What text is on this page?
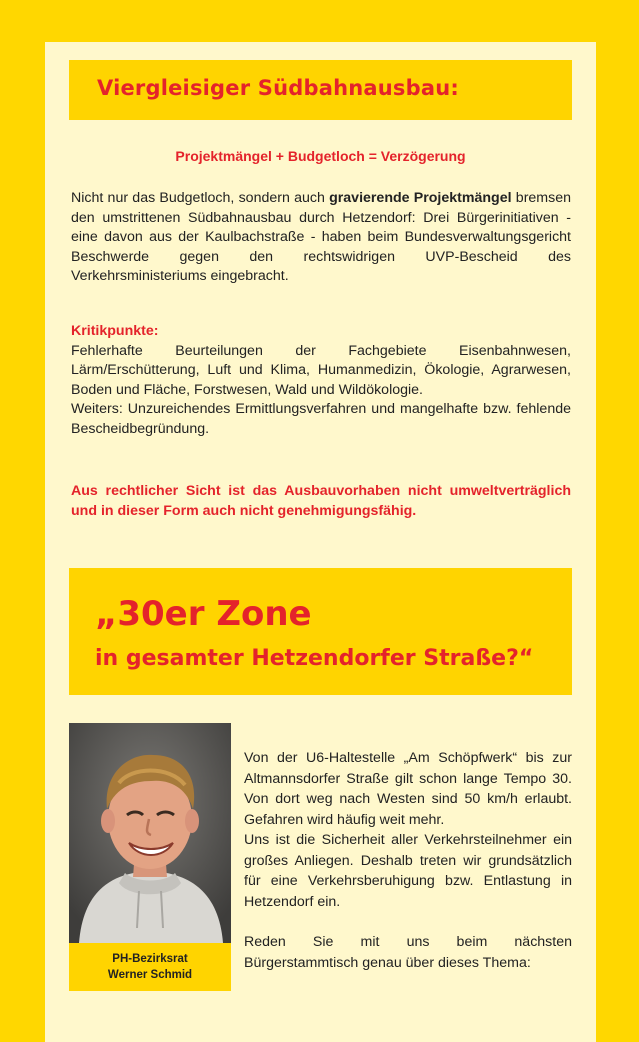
Viergleisiger Südbahnausbau:
Projektmängel + Budgetloch = Verzögerung
Nicht nur das Budgetloch, sondern auch gravierende Projektmängel bremsen den umstrittenen Südbahnausbau durch Hetzendorf: Drei Bürgerinitiativen - eine davon aus der Kaulbachstraße - haben beim Bundesverwaltungsgericht Beschwerde gegen den rechtswidrigen UVP-Bescheid des Verkehrsministeriums eingebracht.
Kritikpunkte:
Fehlerhafte Beurteilungen der Fachgebiete Eisenbahnwesen, Lärm/Erschütterung, Luft und Klima, Humanmedizin, Ökologie, Agrarwesen, Boden und Fläche, Forstwesen, Wald und Wildökologie.
Weiters: Unzureichendes Ermittlungsverfahren und mangelhafte bzw. fehlende Bescheidbegründung.
Aus rechtlicher Sicht ist das Ausbauvorhaben nicht umweltverträglich und in dieser Form auch nicht genehmigungsfähig.
„30er Zone
in gesamter Hetzendorfer Straße?“
PH-Bezirksrat
Werner Schmid

Von der U6-Haltestelle „Am Schöpfwerk“ bis zur Altmannsdorfer Straße gilt schon lange Tempo 30. Von dort weg nach Westen sind 50 km/h erlaubt. Gefahren wird häufig weit mehr.

Uns ist die Sicherheit aller Verkehrsteilnehmer ein großes Anliegen. Deshalb treten wir grundsätzlich für eine Verkehrsberuhigung bzw. Entlastung in Hetzendorf ein.

Reden Sie mit uns beim nächsten Bürgerstammtisch genau über dieses Thema:
